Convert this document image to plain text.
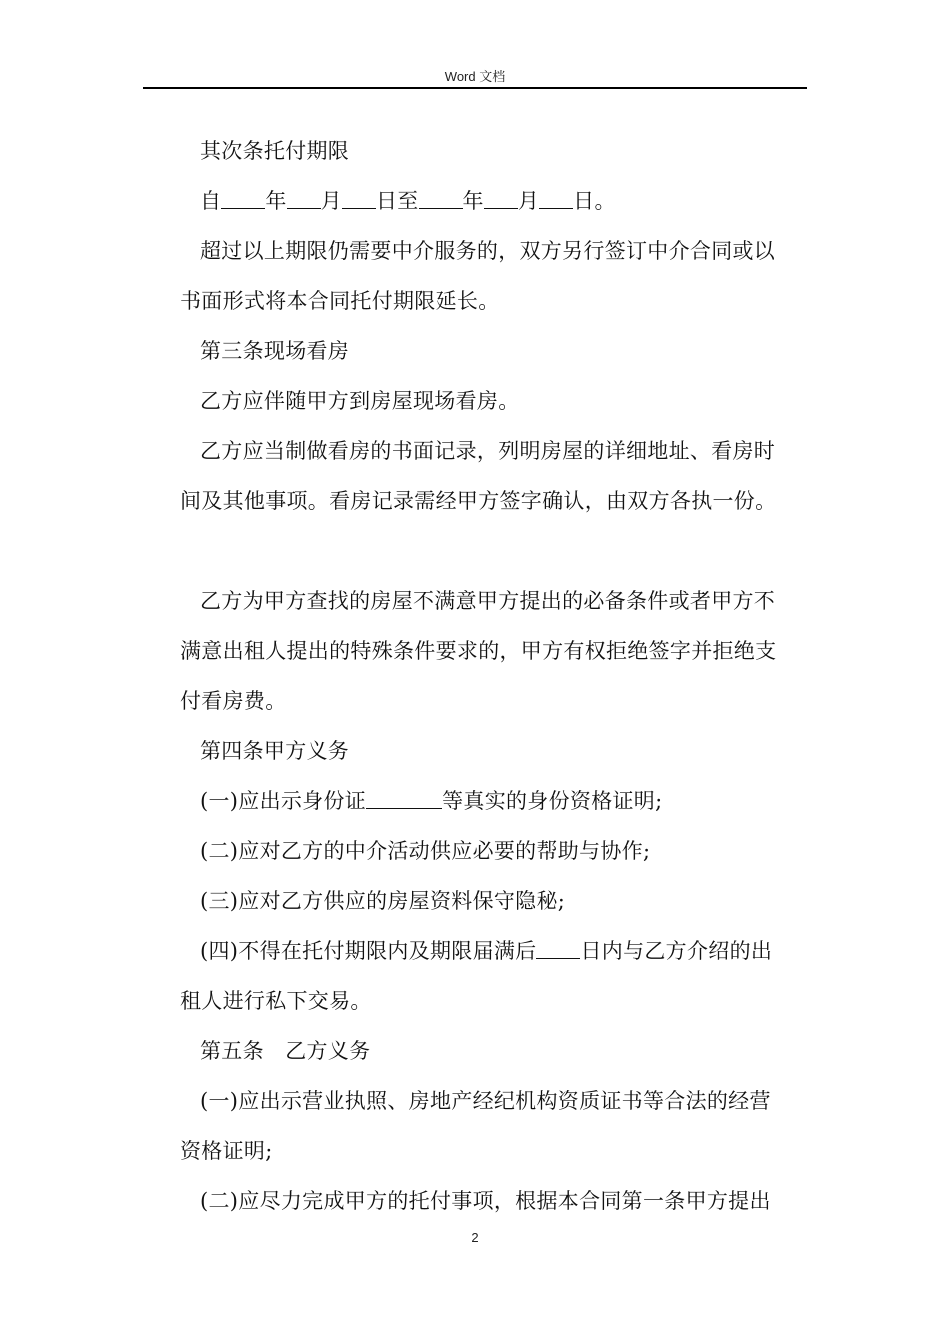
Word 文档
其次条托付期限
自 年 月 日至 年 月 日。
超过以上期限仍需要中介服务的，双方另行签订中介合同或以
书面形式将本合同托付期限延长。
第三条现场看房
乙方应伴随甲方到房屋现场看房。
乙方应当制做看房的书面记录，列明房屋的详细地址、看房时
间及其他事项。看房记录需经甲方签字确认，由双方各执一份。
乙方为甲方查找的房屋不满意甲方提出的必备条件或者甲方不
满意出租人提出的特殊条件要求的，甲方有权拒绝签字并拒绝支
付看房费。
第四条甲方义务
(一)应出示身份证	等真实的身份资格证明;
(二)应对乙方的中介活动供应必要的帮助与协作;
(三)应对乙方供应的房屋资料保守隐秘;
(四)不得在托付期限内及期限届满后 日内与乙方介绍的出
租人进行私下交易。
第五条　乙方义务
(一)应出示营业执照、房地产经纪机构资质证书等合法的经营
资格证明;
(二)应尽力完成甲方的托付事项，根据本合同第一条甲方提出
2
